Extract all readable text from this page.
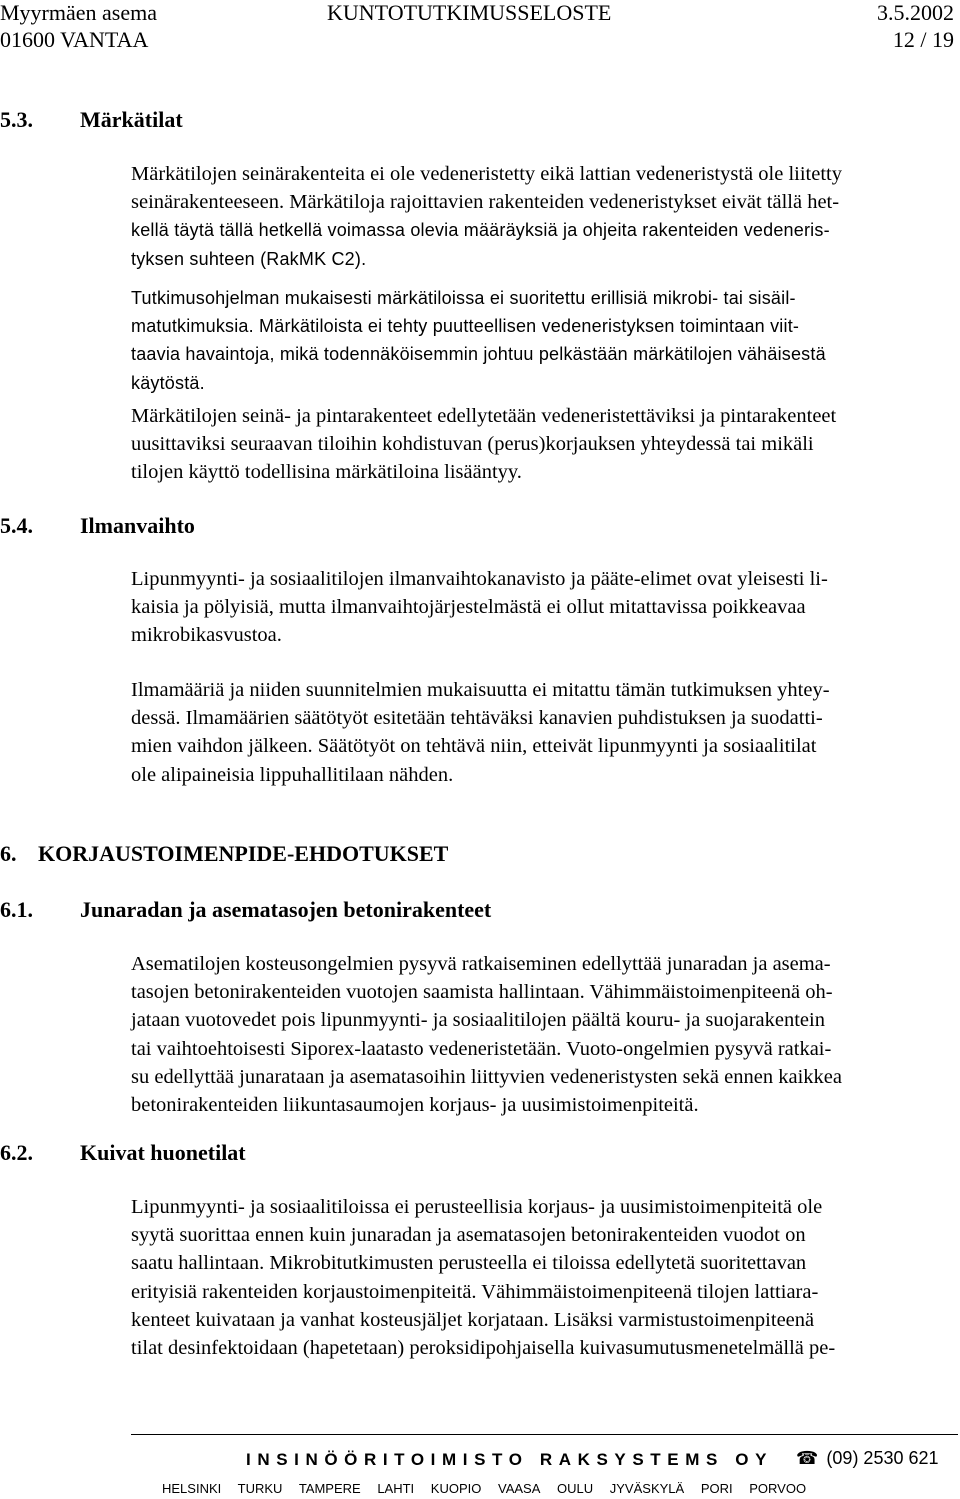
Myyrmäen asema
01600 VANTAA
KUNTOTUTKIMUSSELOSTE	3.5.2002
12 / 19
5.3. Märkätilat
Märkätilojen seinärakenteita ei ole vedeneristetty eikä lattian vedeneristystä ole liitetty
seinärakenteeseen. Märkätiloja rajoittavien rakenteiden vedeneristykset eivät tällä het-
kellä täytä tällä hetkellä voimassa olevia määräyksiä ja ohjeita rakenteiden vedeneris-
tyksen suhteen (RakMK C2).
Tutkimusohjelman mukaisesti märkätiloissa ei suoritettu erillisiä mikrobi- tai sisäil-
matutkimuksia. Märkätiloista ei tehty puutteellisen vedeneristyksen toimintaan viit-
taavia havaintoja, mikä todennäköisemmin johtuu pelkästään märkätilojen vähäisestä
käytöstä.
Märkätilojen seinä- ja pintarakenteet edellytetään vedeneristettäviksi ja pintarakenteet
uusittaviksi seuraavan tiloihin kohdistuvan (perus)korjauksen yhteydessä tai mikäli
tilojen käyttö todellisina märkätiloina lisääntyy.
5.4. Ilmanvaihto
Lipunmyynti- ja sosiaalitilojen ilmanvaihtokanavisto ja pääte-elimet ovat yleisesti li-
kaisia ja pölyisiä, mutta ilmanvaihtojärjestelmästä ei ollut mitattavissa poikkeavaa
mikrobikasvustoa.
Ilmamääriä ja niiden suunnitelmien mukaisuutta ei mitattu tämän tutkimuksen yhtey-
dessä. Ilmamäärien säätötyöt esitetään tehtäväksi kanavien puhdistuksen ja suodatti-
mien vaihdon jälkeen. Säätötyöt on tehtävä niin, etteivät lipunmyynti ja sosiaalitilat
ole alipaineisia lippuhallitilaan nähden.
6. KORJAUSTOIMENPIDE-EHDOTUKSET
6.1. Junaradan ja asematasojen betonirakenteet
Asematilojen kosteusongelmien pysyvä ratkaiseminen edellyttää junaradan ja asema-
tasojen betonirakenteiden vuotojen saamista hallintaan. Vähimmäistoimenpiteenä oh-
jataan vuotovedet pois lipunmyynti- ja sosiaalitilojen päältä kouru- ja suojarakentein
tai vaihtoehtoisesti Siporex-laatasto vedeneristetään. Vuoto-ongelmien pysyvä ratkai-
su edellyttää junarataan ja asematasoihin liittyvien vedeneristysten sekä ennen kaikkea
betonirakenteiden liikuntasaumojen korjaus- ja uusimistoimenpiteitä.
6.2. Kuivat huonetilat
Lipunmyynti- ja sosiaalitiloissa ei perusteellisia korjaus- ja uusimistoimenpiteitä ole
syytä suorittaa ennen kuin junaradan ja asematasojen betonirakenteiden vuodot on
saatu hallintaan. Mikrobitutkimusten perusteella ei tiloissa edellytetä suoritettavan
erityisiä rakenteiden korjaustoimenpiteitä. Vähimmäistoimenpiteenä tilojen lattiara-
kenteet kuivataan ja vanhat kosteusjäljet korjataan. Lisäksi varmistustoimenpiteenä
tilat desinfektoidaan (hapetetaan) peroksidipohjaisella kuivasumutusmenetelmällä pe-
INSINÖÖRITOIMISTO RAKSYSTEMS OY ☎ (09) 2530 621
HELSINKI TURKU TAMPERE LAHTI KUOPIO VAASA OULU JYVÄSKYLÄ PORI PORVOO
